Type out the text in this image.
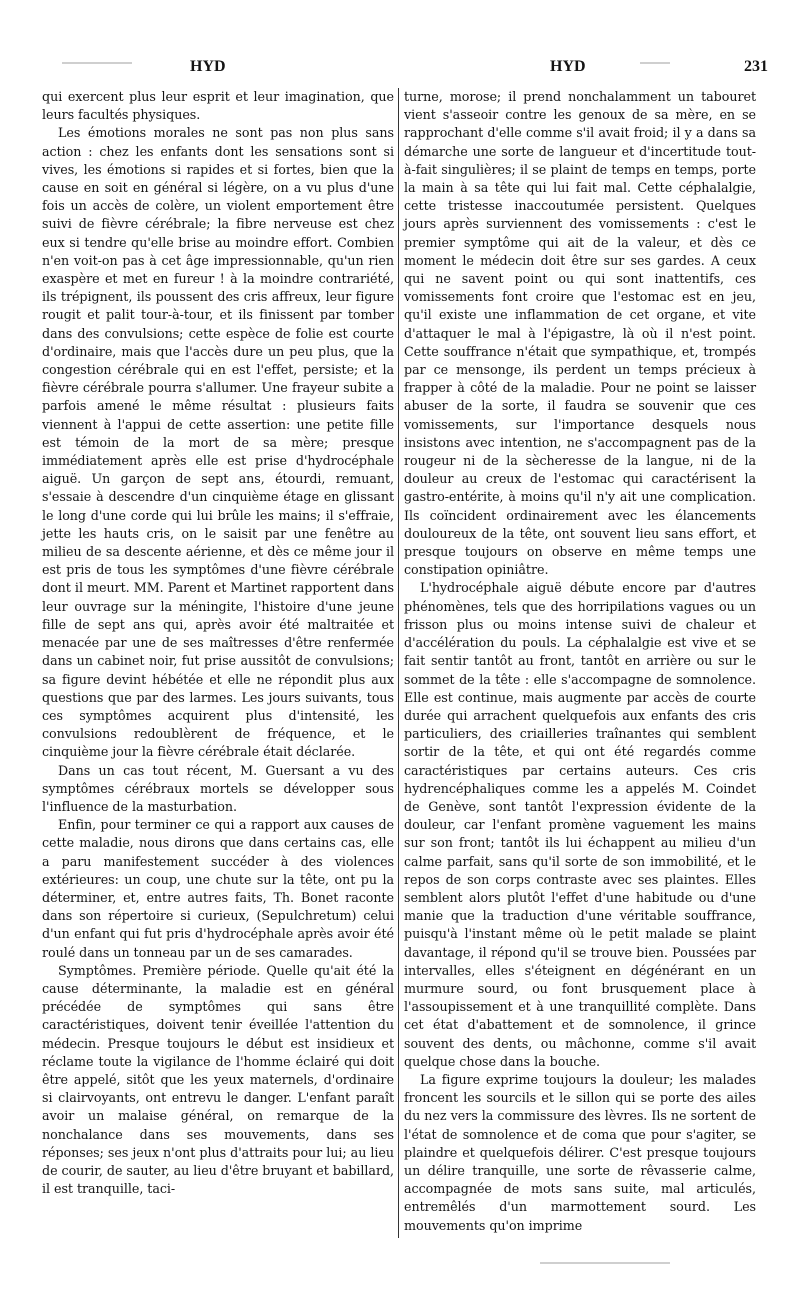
HYD	HYD	231

qui exercent plus leur esprit et leur imagination, que leurs facultés physiques.

Les émotions morales ne sont pas non plus sans action : chez les enfants dont les sensations sont si vives, les émotions si rapides et si fortes, bien que la cause en soit en général si légère, on a vu plus d'une fois un accès de colère, un violent emportement être suivi de fièvre cérébrale; la fibre nerveuse est chez eux si tendre qu'elle brise au moindre effort. Combien n'en voit-on pas à cet âge impressionnable, qu'un rien exaspère et met en fureur ! à la moindre contrariété, ils trépignent, ils poussent des cris affreux, leur figure rougit et palit tour-à-tour, et ils finissent par tomber dans des convulsions; cette espèce de folie est courte d'ordinaire, mais que l'accès dure un peu plus, que la congestion cérébrale qui en est l'effet, persiste; et la fièvre cérébrale pourra s'allumer. Une frayeur subite a parfois amené le même résultat : plusieurs faits viennent à l'appui de cette assertion: une petite fille est témoin de la mort de sa mère; presque immédiatement après elle est prise d'hydrocéphale aiguë. Un garçon de sept ans, étourdi, remuant, s'essaie à descendre d'un cinquième étage en glissant le long d'une corde qui lui brûle les mains; il s'effraie, jette les hauts cris, on le saisit par une fenêtre au milieu de sa descente aérienne, et dès ce même jour il est pris de tous les symptômes d'une fièvre cérébrale dont il meurt. MM. Parent et Martinet rapportent dans leur ouvrage sur la méningite, l'histoire d'une jeune fille de sept ans qui, après avoir été maltraitée et menacée par une de ses maîtresses d'être renfermée dans un cabinet noir, fut prise aussitôt de convulsions; sa figure devint hébétée et elle ne répondit plus aux questions que par des larmes. Les jours suivants, tous ces symptômes acquirent plus d'intensité, les convulsions redoublèrent de fréquence, et le cinquième jour la fièvre cérébrale était déclarée.

Dans un cas tout récent, M. Guersant a vu des symptômes cérébraux mortels se développer sous l'influence de la masturbation.

Enfin, pour terminer ce qui a rapport aux causes de cette maladie, nous dirons que dans certains cas, elle a paru manifestement succéder à des violences extérieures: un coup, une chute sur la tête, ont pu la déterminer, et, entre autres faits, Th. Bonet raconte dans son répertoire si curieux, (Sepulchretum) celui d'un enfant qui fut pris d'hydrocéphale après avoir été roulé dans un tonneau par un de ses camarades.

Symptômes. Première période. Quelle qu'ait été la cause déterminante, la maladie est en général précédée de symptômes qui sans être caractéristiques, doivent tenir éveillée l'attention du médecin. Presque toujours le début est insidieux et réclame toute la vigilance de l'homme éclairé qui doit être appelé, sitôt que les yeux maternels, d'ordinaire si clairvoyants, ont entrevu le danger. L'enfant paraît avoir un malaise général, on remarque de la nonchalance dans ses mouvements, dans ses réponses; ses jeux n'ont plus d'attraits pour lui; au lieu de courir, de sauter, au lieu d'être bruyant et babillard, il est tranquille, taci-

turne, morose; il prend nonchalamment un tabouret vient s'asseoir contre les genoux de sa mère, en se rapprochant d'elle comme s'il avait froid; il y a dans sa démarche une sorte de langueur et d'incertitude tout-à-fait singulières; il se plaint de temps en temps, porte la main à sa tête qui lui fait mal. Cette céphalalgie, cette tristesse inaccoutumée persistent. Quelques jours après surviennent des vomissements : c'est le premier symptôme qui ait de la valeur, et dès ce moment le médecin doit être sur ses gardes. A ceux qui ne savent point ou qui sont inattentifs, ces vomissements font croire que l'estomac est en jeu, qu'il existe une inflammation de cet organe, et vite d'attaquer le mal à l'épigastre, là où il n'est point. Cette souffrance n'était que sympathique, et, trompés par ce mensonge, ils perdent un temps précieux à frapper à côté de la maladie. Pour ne point se laisser abuser de la sorte, il faudra se souvenir que ces vomissements, sur l'importance desquels nous insistons avec intention, ne s'accompagnent pas de la rougeur ni de la sècheresse de la langue, ni de la douleur au creux de l'estomac qui caractérisent la gastro-entérite, à moins qu'il n'y ait une complication. Ils coïncident ordinairement avec les élancements douloureux de la tête, ont souvent lieu sans effort, et presque toujours on observe en même temps une constipation opiniâtre.

L'hydrocéphale aiguë débute encore par d'autres phénomènes, tels que des horripilations vagues ou un frisson plus ou moins intense suivi de chaleur et d'accélération du pouls. La céphalalgie est vive et se fait sentir tantôt au front, tantôt en arrière ou sur le sommet de la tête : elle s'accompagne de somnolence. Elle est continue, mais augmente par accès de courte durée qui arrachent quelquefois aux enfants des cris particuliers, des criailleries traînantes qui semblent sortir de la tête, et qui ont été regardés comme caractéristiques par certains auteurs. Ces cris hydrencéphaliques comme les a appelés M. Coindet de Genève, sont tantôt l'expression évidente de la douleur, car l'enfant promène vaguement les mains sur son front; tantôt ils lui échappent au milieu d'un calme parfait, sans qu'il sorte de son immobilité, et le repos de son corps contraste avec ses plaintes. Elles semblent alors plutôt l'effet d'une habitude ou d'une manie que la traduction d'une véritable souffrance, puisqu'à l'instant même où le petit malade se plaint davantage, il répond qu'il se trouve bien. Poussées par intervalles, elles s'éteignent en dégénérant en un murmure sourd, ou font brusquement place à l'assoupissement et à une tranquillité complète. Dans cet état d'abattement et de somnolence, il grince souvent des dents, ou mâchonne, comme s'il avait quelque chose dans la bouche.

La figure exprime toujours la douleur; les malades froncent les sourcils et le sillon qui se porte des ailes du nez vers la commissure des lèvres. Ils ne sortent de l'état de somnolence et de coma que pour s'agiter, se plaindre et quelquefois délirer. C'est presque toujours un délire tranquille, une sorte de rêvasserie calme, accompagnée de mots sans suite, mal articulés, entremêlés d'un marmottement sourd. Les mouvements qu'on imprime
